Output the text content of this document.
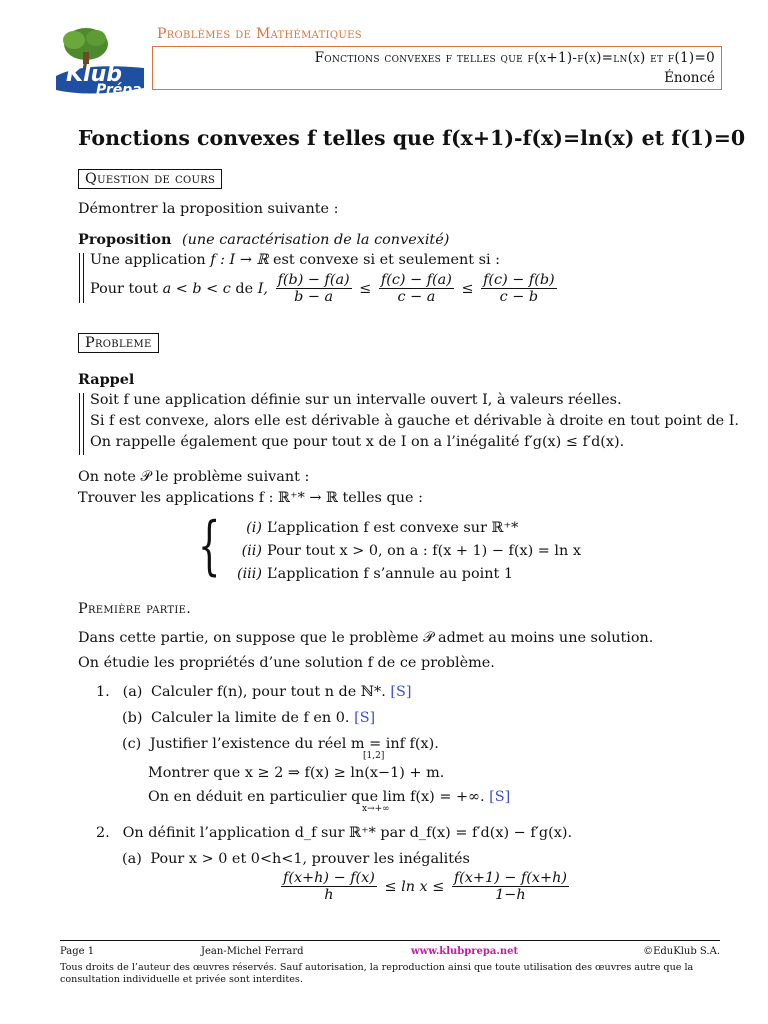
Klub
Prépa
Problèmes de Mathématiques
Fonctions convexes f telles que f(x+1)-f(x)=ln(x) et f(1)=0
Énoncé
Fonctions convexes f telles que f(x+1)-f(x)=ln(x) et f(1)=0
Question de cours
Démontrer la proposition suivante :
Proposition (une caractérisation de la convexité)
Une application f : I → ℝ est convexe si et seulement si :
Pour tout a < b < c de I, $\frac{f(b) - f(a)}{b - a} \le \frac{f(c) - f(a)}{c - a} \le \frac{f(c) - f(b)}{c - b}$
Probleme
Rappel
Soit f une application définie sur un intervalle ouvert I, à valeurs réelles.
Si f est convexe, alors elle est dérivable à gauche et dérivable à droite en tout point de I.
On rappelle également que pour tout x de I on a l’inégalité f′g(x) ≤ f′d(x).
On note 𝒫 le problème suivant :
Trouver les applications f : ℝ⁺* → ℝ telles que :
{	(i) L’application f est convexe sur ℝ⁺*
(ii) Pour tout x > 0, on a : f(x + 1) − f(x) = ln x
(iii) L’application f s’annule au point 1
Première partie.
Dans cette partie, on suppose que le problème 𝒫 admet au moins une solution.
On étudie les propriétés d’une solution f de ce problème.
1. (a) Calculer f(n), pour tout n de ℕ*. [S]
(b) Calculer la limite de f en 0. [S]
(c) Justifier l’existence du réel m = inf f(x).
[1,2]
Montrer que x ≥ 2 ⇒ f(x) ≥ ln(x−1) + m.
On en déduit en particulier que lim f(x) = +∞. [S]
x→+∞
2. On définit l’application d_f sur ℝ⁺* par d_f(x) = f′d(x) − f′g(x).
(a) Pour x > 0 et 0<h<1, prouver les inégalités
$\frac{f(x+h) - f(x)}{h} \le \ln x \le \frac{f(x+1) - f(x+h)}{1-h}$
Page 1	Jean-Michel Ferrard	www.klubprepa.net	©EduKlub S.A.
Tous droits de l’auteur des œuvres réservés. Sauf autorisation, la reproduction ainsi que toute utilisation des œuvres autre que la consultation individuelle et privée sont interdites.
